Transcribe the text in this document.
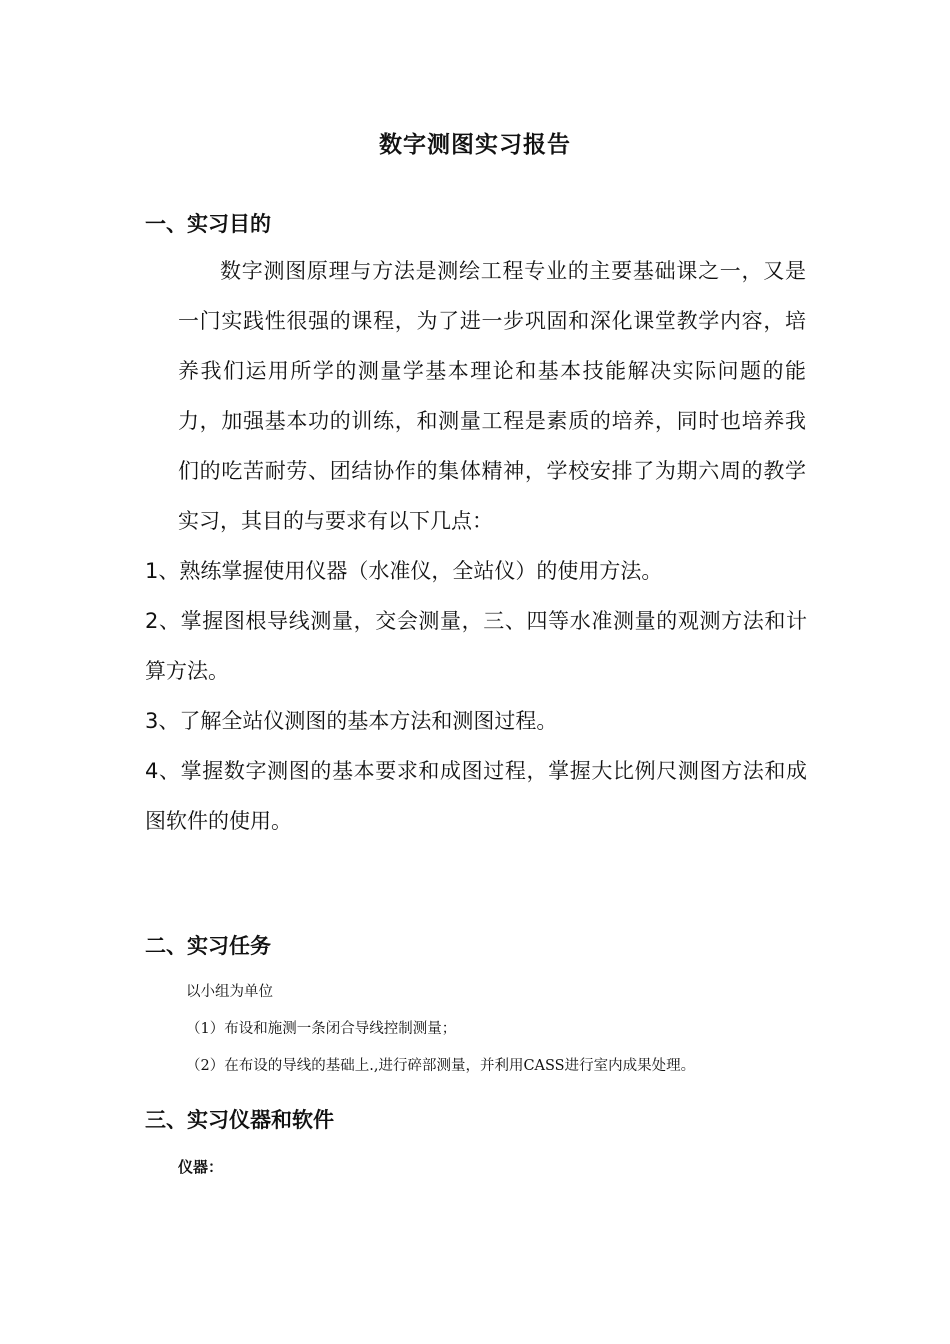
数字测图实习报告
一、实习目的
数字测图原理与方法是测绘工程专业的主要基础课之一，又是一门实践性很强的课程，为了进一步巩固和深化课堂教学内容，培养我们运用所学的测量学基本理论和基本技能解决实际问题的能力，加强基本功的训练，和测量工程是素质的培养，同时也培养我们的吃苦耐劳、团结协作的集体精神，学校安排了为期六周的教学实习，其目的与要求有以下几点：
1、熟练掌握使用仪器（水准仪，全站仪）的使用方法。
2、掌握图根导线测量，交会测量，三、四等水准测量的观测方法和计算方法。
3、了解全站仪测图的基本方法和测图过程。
4、掌握数字测图的基本要求和成图过程，掌握大比例尺测图方法和成图软件的使用。
二、实习任务
以小组为单位
（1）布设和施测一条闭合导线控制测量；
（2）在布设的导线的基础上.,进行碎部测量，并利用CASS进行室内成果处理。
三、实习仪器和软件
仪器：
